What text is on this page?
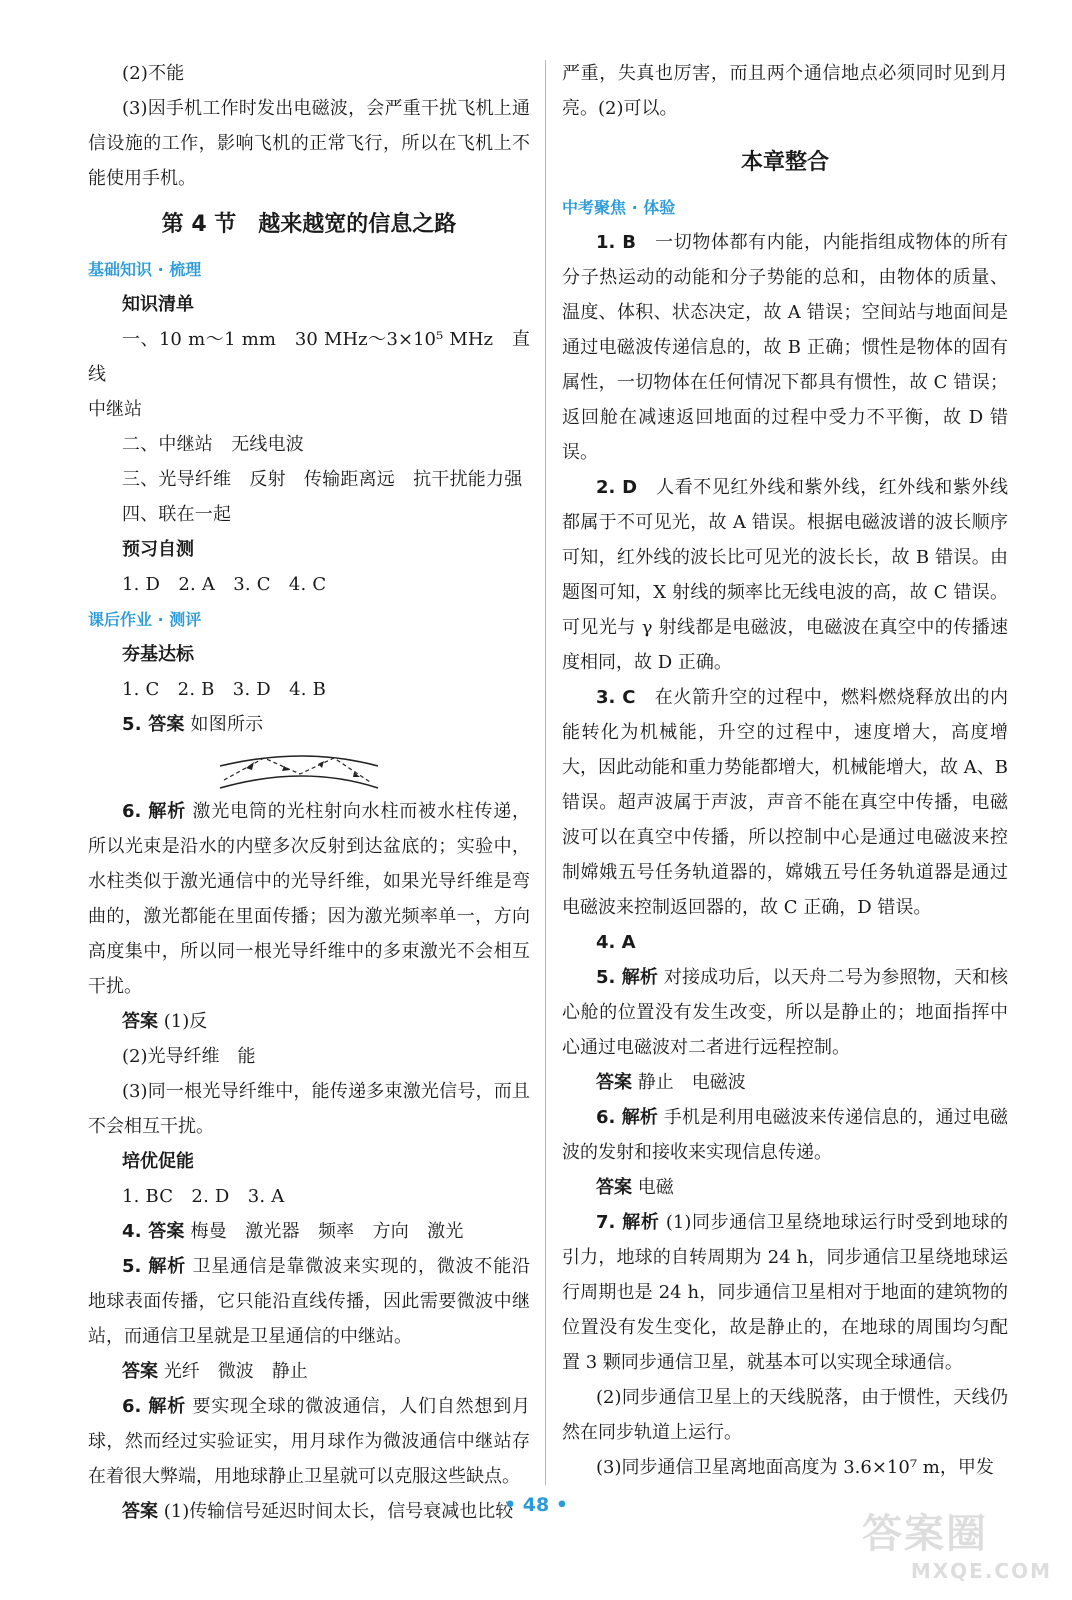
(2)不能
(3)因手机工作时发出电磁波，会严重干扰飞机上通信设施的工作，影响飞机的正常飞行，所以在飞机上不能使用手机。
第 4 节　越来越宽的信息之路
基础知识 · 梳理
知识清单
一、10 m～1 mm　30 MHz～3×10⁵ MHz　直线
中继站
二、中继站　无线电波
三、光导纤维　反射　传输距离远　抗干扰能力强
四、联在一起
预习自测
1. D　2. A　3. C　4. C
课后作业 · 测评
夯基达标
1. C　2. B　3. D　4. B
5. 答案 如图所示
6. 解析 激光电筒的光柱射向水柱而被水柱传递，所以光束是沿水的内壁多次反射到达盆底的；实验中，水柱类似于激光通信中的光导纤维，如果光导纤维是弯曲的，激光都能在里面传播；因为激光频率单一，方向高度集中，所以同一根光导纤维中的多束激光不会相互干扰。
答案 (1)反
(2)光导纤维　能
(3)同一根光导纤维中，能传递多束激光信号，而且不会相互干扰。
培优促能
1. BC　2. D　3. A
4. 答案 梅曼　激光器　频率　方向　激光
5. 解析 卫星通信是靠微波来实现的，微波不能沿地球表面传播，它只能沿直线传播，因此需要微波中继站，而通信卫星就是卫星通信的中继站。
答案 光纤　微波　静止
6. 解析 要实现全球的微波通信，人们自然想到月球，然而经过实验证实，用月球作为微波通信中继站存在着很大弊端，用地球静止卫星就可以克服这些缺点。
答案 (1)传输信号延迟时间太长，信号衰减也比较
严重，失真也厉害，而且两个通信地点必须同时见到月亮。(2)可以。
本章整合
中考聚焦 · 体验
1. B　一切物体都有内能，内能指组成物体的所有分子热运动的动能和分子势能的总和，由物体的质量、温度、体积、状态决定，故 A 错误；空间站与地面间是通过电磁波传递信息的，故 B 正确；惯性是物体的固有属性，一切物体在任何情况下都具有惯性，故 C 错误；返回舱在减速返回地面的过程中受力不平衡，故 D 错误。
2. D　人看不见红外线和紫外线，红外线和紫外线都属于不可见光，故 A 错误。根据电磁波谱的波长顺序可知，红外线的波长比可见光的波长长，故 B 错误。由题图可知，X 射线的频率比无线电波的高，故 C 错误。可见光与 γ 射线都是电磁波，电磁波在真空中的传播速度相同，故 D 正确。
3. C　在火箭升空的过程中，燃料燃烧释放出的内能转化为机械能，升空的过程中，速度增大，高度增大，因此动能和重力势能都增大，机械能增大，故 A、B 错误。超声波属于声波，声音不能在真空中传播，电磁波可以在真空中传播，所以控制中心是通过电磁波来控制嫦娥五号任务轨道器的，嫦娥五号任务轨道器是通过电磁波来控制返回器的，故 C 正确，D 错误。
4. A
5. 解析 对接成功后，以天舟二号为参照物，天和核心舱的位置没有发生改变，所以是静止的；地面指挥中心通过电磁波对二者进行远程控制。
答案 静止　电磁波
6. 解析 手机是利用电磁波来传递信息的，通过电磁波的发射和接收来实现信息传递。
答案 电磁
7. 解析 (1)同步通信卫星绕地球运行时受到地球的引力，地球的自转周期为 24 h，同步通信卫星绕地球运行周期也是 24 h，同步通信卫星相对于地面的建筑物的位置没有发生变化，故是静止的，在地球的周围均匀配置 3 颗同步通信卫星，就基本可以实现全球通信。
(2)同步通信卫星上的天线脱落，由于惯性，天线仍然在同步轨道上运行。
(3)同步通信卫星离地面高度为 3.6×10⁷ m，甲发
• 48 •
答案圈
MXQE.COM
